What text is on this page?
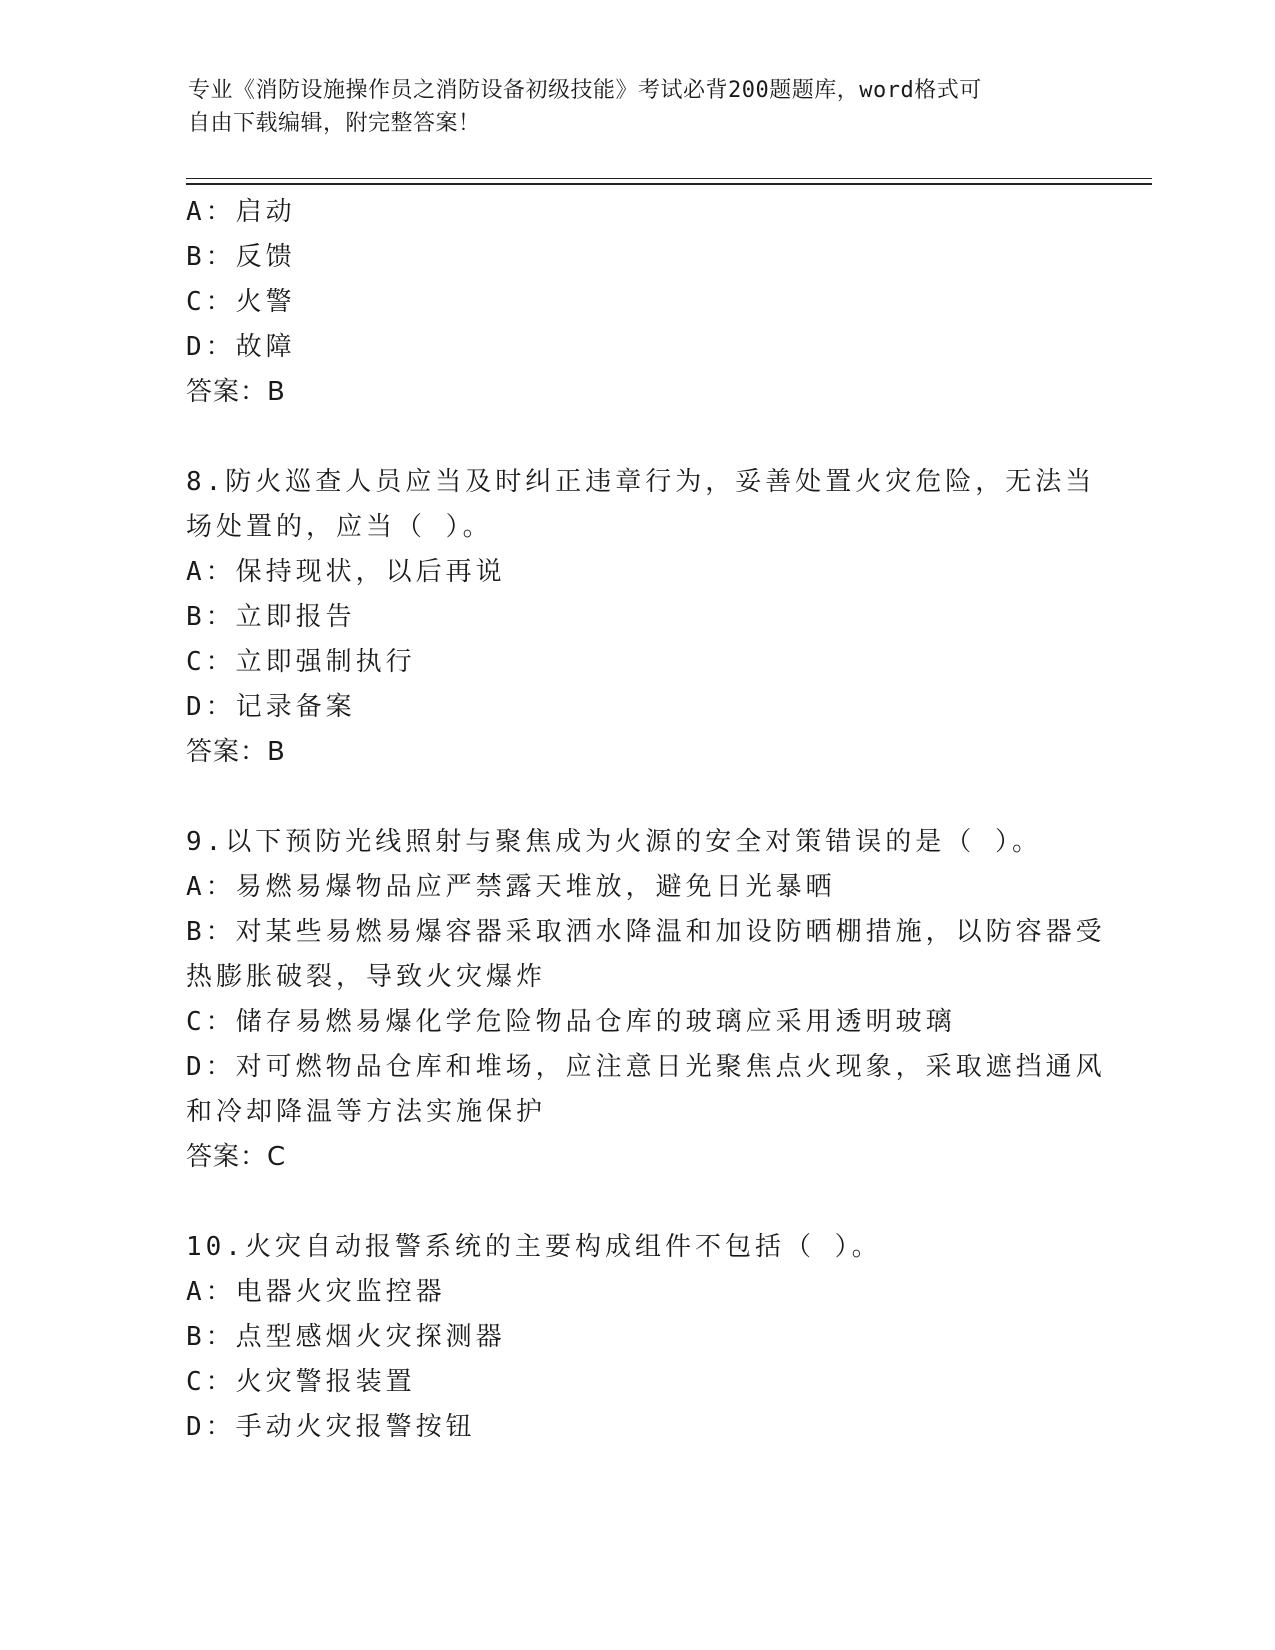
专业《消防设施操作员之消防设备初级技能》考试必背200题题库，word格式可
自由下载编辑，附完整答案！
A：启动
B：反馈
C：火警
D：故障
答案：B
8.防火巡查人员应当及时纠正违章行为，妥善处置火灾危险，无法当
场处置的，应当（ ）。
A：保持现状，以后再说
B：立即报告
C：立即强制执行
D：记录备案
答案：B
9.以下预防光线照射与聚焦成为火源的安全对策错误的是（ ）。
A：易燃易爆物品应严禁露天堆放，避免日光暴晒
B：对某些易燃易爆容器采取洒水降温和加设防晒棚措施，以防容器受
热膨胀破裂，导致火灾爆炸
C：储存易燃易爆化学危险物品仓库的玻璃应采用透明玻璃
D：对可燃物品仓库和堆场，应注意日光聚焦点火现象，采取遮挡通风
和冷却降温等方法实施保护
答案：C
10.火灾自动报警系统的主要构成组件不包括（ ）。
A：电器火灾监控器
B：点型感烟火灾探测器
C：火灾警报装置
D：手动火灾报警按钮
